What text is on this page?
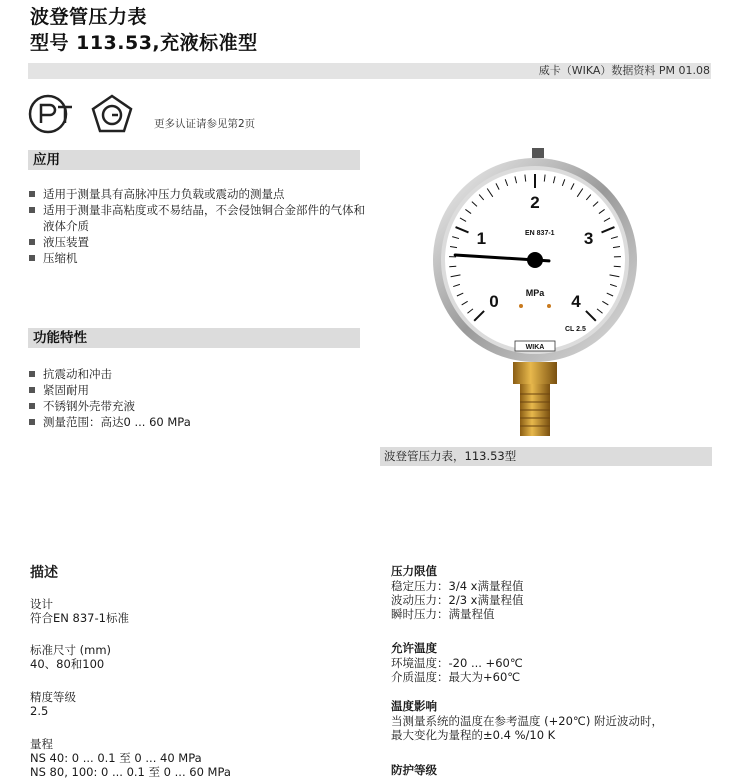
波登管压力表
型号 113.53,充液标准型
威卡（WIKA）数据资料 PM 01.08
更多认证请参见第2页
应用
适用于测量具有高脉冲压力负载或震动的测量点
适用于测量非高粘度或不易结晶，不会侵蚀铜合金部件的气体和液体介质
液压装置
压缩机
功能特性
抗震动和冲击
紧固耐用
不锈钢外壳带充液
测量范围：高达0 ... 60 MPa
0
1
2
3
4
EN 837-1
MPa
CL 2.5
WIKA
波登管压力表，113.53型
描述
设计
符合EN 837-1标准
标准尺寸 (mm)
40、80和100
精度等级
2.5
量程
NS 40: 0 ... 0.1 至 0 ... 40 MPa
NS 80, 100: 0 ... 0.1 至 0 ... 60 MPa
压力限值
稳定压力：3/4 x满量程值
波动压力：2/3 x满量程值
瞬时压力：满量程值
允许温度
环境温度：-20 ... +60℃
介质温度：最大为+60℃
温度影响
当测量系统的温度在参考温度 (+20℃) 附近波动时，
最大变化为量程的±0.4 %/10 K
防护等级
